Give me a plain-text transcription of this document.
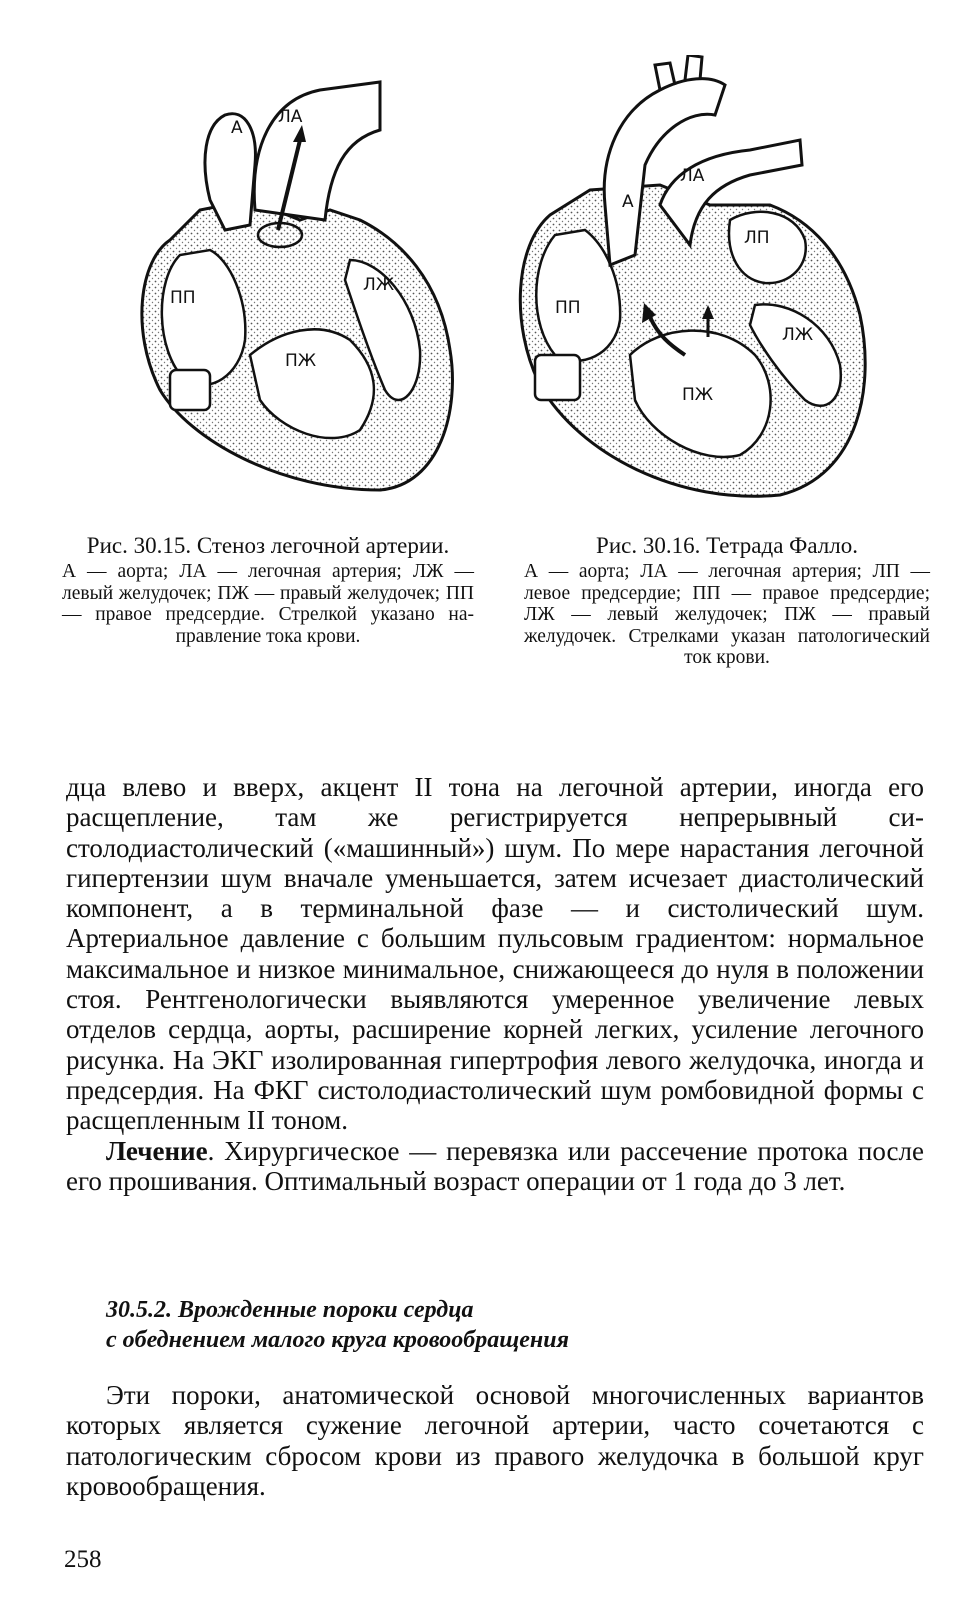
А
ЛА
ПП
ЛЖ
ПЖ
А
ЛА
ЛП
ПП
ЛЖ
ПЖ
Рис. 30.15. Стеноз легочной артерии.
А — аорта; ЛА — легочная артерия; ЛЖ — левый желудочек; ПЖ — правый желудочек; ПП — правое предсердие. Стрелкой указано направление тока крови.
Рис. 30.16. Тетрада Фалло.
А — аорта; ЛА — легочная артерия; ЛП — левое предсердие; ПП — правое предсердие; ЛЖ — левый желудочек; ПЖ — правый желудочек. Стрелками указан патологический ток крови.

дца влево и вверх, акцент II тона на легочной артерии, иногда его расщепление, там же регистрируется непрерывный систолодиастолический («машинный») шум. По мере нарастания легочной гипертензии шум вначале уменьшается, затем исчезает диастолический компонент, а в терминальной фазе — и систолический шум. Артериальное давление с большим пульсовым градиентом: нормальное максимальное и низкое минимальное, снижающееся до нуля в положении стоя. Рентгенологически выявляются умеренное увеличение левых отделов сердца, аорты, расширение корней легких, усиление легочного рисунка. На ЭКГ изолированная гипертрофия левого желудочка, иногда и предсердия. На ФКГ систолодиастолический шум ромбовидной формы с расщепленным II тоном.

Лечение. Хирургическое — перевязка или рассечение протока после его прошивания. Оптимальный возраст операции от 1 года до 3 лет.

30.5.2. Врожденные пороки сердца
с обеднением малого круга кровообращения
Эти пороки, анатомической основой многочисленных вариантов которых является сужение легочной артерии, часто сочетаются с патологическим сбросом крови из правого желудочка в большой круг кровообращения.
258
